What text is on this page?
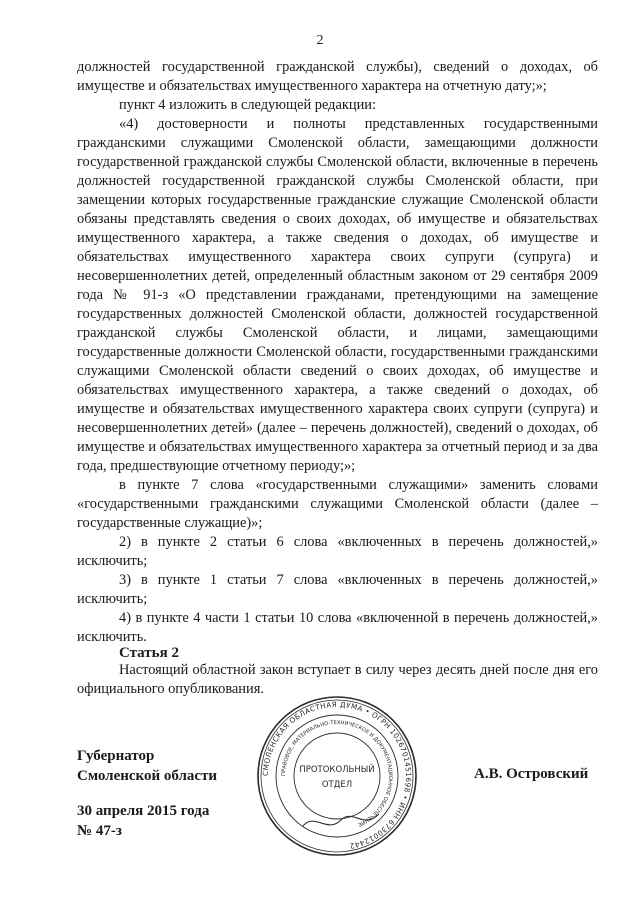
2

должностей государственной гражданской службы), сведений о доходах, об имуществе и обязательствах имущественного характера на отчетную дату;»;

пункт 4 изложить в следующей редакции:

«4) достоверности и полноты представленных государственными гражданскими служащими Смоленской области, замещающими должности государственной гражданской службы Смоленской области, включенные в перечень должностей государственной гражданской службы Смоленской области, при замещении которых государственные гражданские служащие Смоленской области обязаны представлять сведения о своих доходах, об имуществе и обязательствах имущественного характера, а также сведения о доходах, об имуществе и обязательствах имущественного характера своих супруги (супруга) и несовершеннолетних детей, определенный областным законом от 29 сентября 2009 года № 91-з «О представлении гражданами, претендующими на замещение государственных должностей Смоленской области, должностей государственной гражданской службы Смоленской области, и лицами, замещающими государственные должности Смоленской области, государственными гражданскими служащими Смоленской области сведений о своих доходах, об имуществе и обязательствах имущественного характера, а также сведений о доходах, об имуществе и обязательствах имущественного характера своих супруги (супруга) и несовершеннолетних детей» (далее – перечень должностей), сведений о доходах, об имуществе и обязательствах имущественного характера за отчетный период и за два года, предшествующие отчетному периоду;»;

в пункте 7 слова «государственными служащими» заменить словами «государственными гражданскими служащими Смоленской области (далее – государственные служащие)»;

2) в пункте 2 статьи 6 слова «включенных в перечень должностей,» исключить;

3) в пункте 1 статьи 7 слова «включенных в перечень должностей,» исключить;

4) в пункте 4 части 1 статьи 10 слова «включенной в перечень должностей,» исключить.

Статья 2

Настоящий областной закон вступает в силу через десять дней после дня его официального опубликования.

Губернатор
Смоленской области	А.В. Островский
30 апреля 2015 года
№ 47-з
СМОЛЕНСКАЯ ОБЛАСТНАЯ ДУМА • ОГРН 1026701451698 • ИНН 6730012442
ПРАВОВОЕ, МАТЕРИАЛЬНО-ТЕХНИЧЕСКОЕ И ДОКУМЕНТАЦИОННОЕ ОБЕСПЕЧЕНИЕ
ПРОТОКОЛЬНЫЙ
ОТДЕЛ
